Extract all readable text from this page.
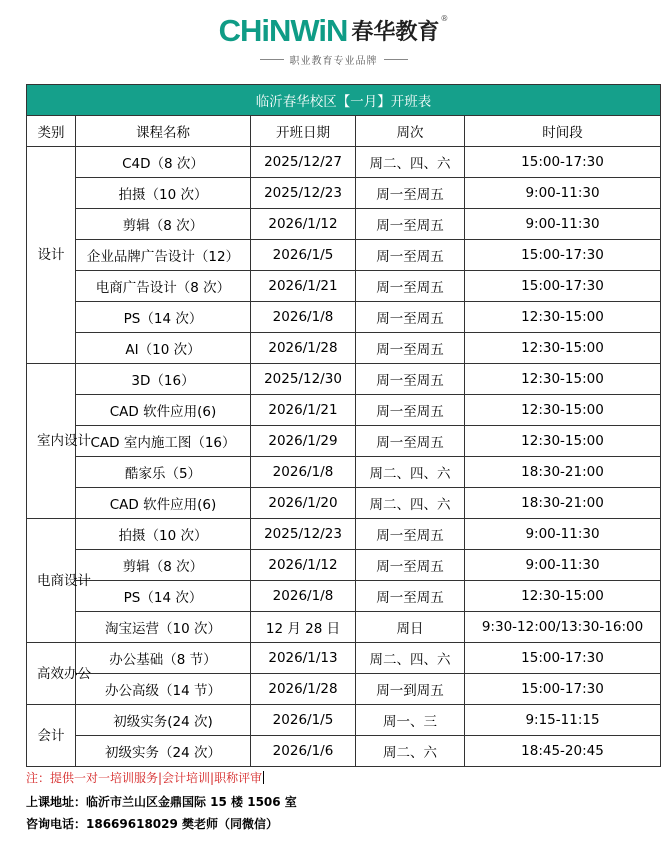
CHiNWiN 春华教育
®
职业教育专业品牌
临沂春华校区【一月】开班表				
类别	课程名称	开班日期	周次	时间段
设计	C4D（8 次）	2025/12/27	周二、四、六	15:00-17:30
	拍摄（10 次）	2025/12/23	周一至周五	9:00-11:30
	剪辑（8 次）	2026/1/12	周一至周五	9:00-11:30
	企业品牌广告设计（12）	2026/1/5	周一至周五	15:00-17:30
	电商广告设计（8 次）	2026/1/21	周一至周五	15:00-17:30
	PS（14 次）	2026/1/8	周一至周五	12:30-15:00
	AI（10 次）	2026/1/28	周一至周五	12:30-15:00
室内设计	3D（16）	2025/12/30	周一至周五	12:30-15:00
	CAD 软件应用(6)	2026/1/21	周一至周五	12:30-15:00
	CAD 室内施工图（16）	2026/1/29	周一至周五	12:30-15:00
	酷家乐（5）	2026/1/8	周二、四、六	18:30-21:00
	CAD 软件应用(6)	2026/1/20	周二、四、六	18:30-21:00
电商设计	拍摄（10 次）	2025/12/23	周一至周五	9:00-11:30
	剪辑（8 次）	2026/1/12	周一至周五	9:00-11:30
	PS（14 次）	2026/1/8	周一至周五	12:30-15:00
	淘宝运营（10 次）	12 月 28 日	周日	9:30-12:00/13:30-16:00
高效办公	办公基础（8 节）	2026/1/13	周二、四、六	15:00-17:30
	办公高级（14 节）	2026/1/28	周一到周五	15:00-17:30
会计	初级实务(24 次)	2026/1/5	周一、三	9:15-11:15
	初级实务（24 次）	2026/1/6	周二、六	18:45-20:45
注：提供一对一培训服务|会计培训|职称评审
上课地址：临沂市兰山区金鼎国际 15 楼 1506 室
咨询电话：18669618029 樊老师（同微信）
